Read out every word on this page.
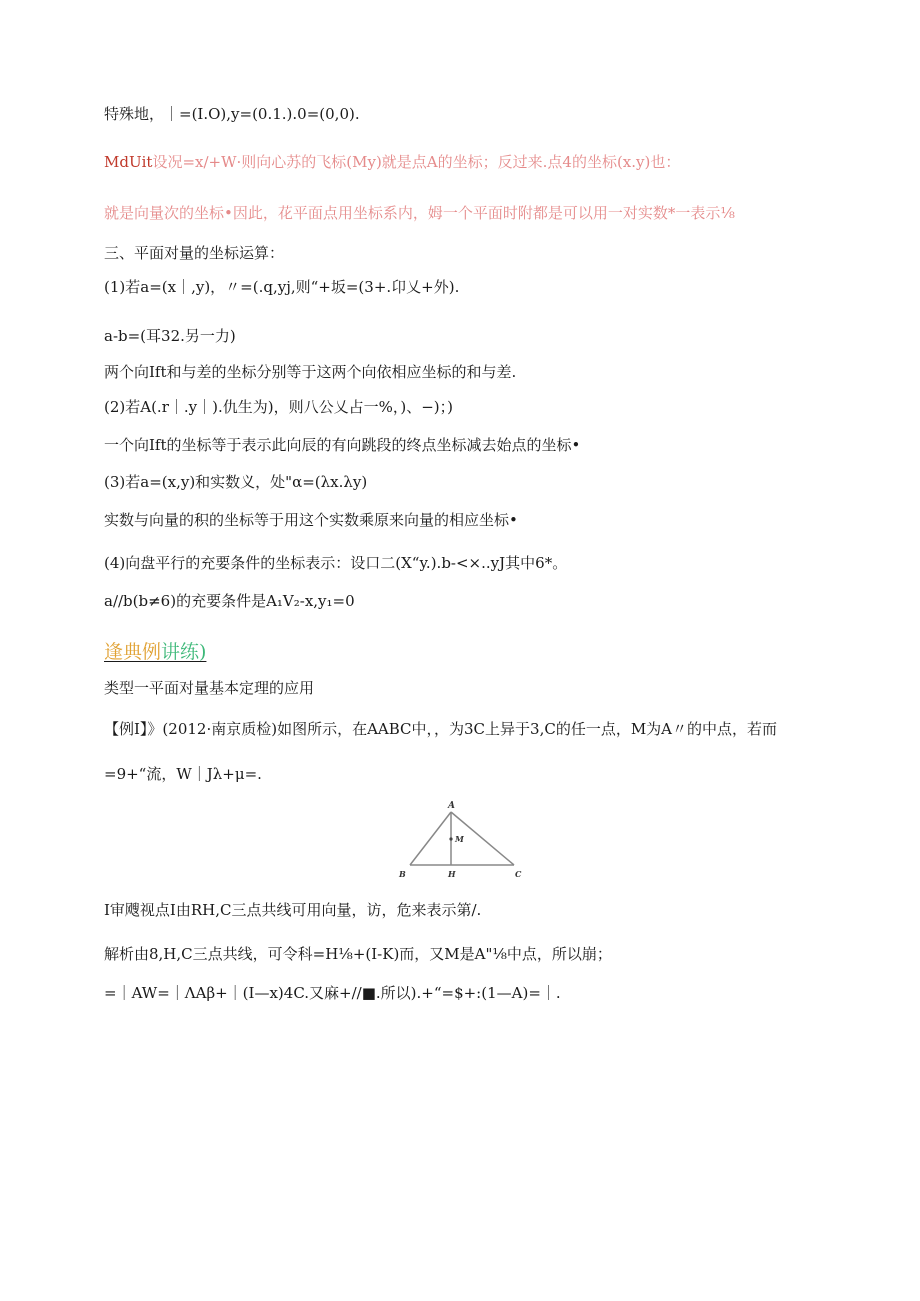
特殊地，｜=(I.O),y=(0.1.).0=(0,0).
MdUit设况=x∕+W·则向心苏的飞标(My)就是点A的坐标；反过来.点4的坐标(x.y)也：
就是向量次的坐标•因此，花平面点用坐标系内，姆一个平面时附都是可以用一对实数*一表示⅛
三、平面对量的坐标运算：
(1)若a=(x｜,y)，〃=(.q,yj,则“+坂=(3+.卬乂+外).
a-b=(耳32.另一力)
两个向Ift和与差的坐标分别等于这两个向依相应坐标的和与差.
(2)若A(.r｜.y｜).仇生为)，则八公乂占一%，)、−)；)
一个向Ift的坐标等于表示此向辰的有向跳段的终点坐标减去始点的坐标•
(3)若a=(x,y)和实数义，处"α=(λx.λy)
实数与向量的积的坐标等于用这个实数乘原来向量的相应坐标•
(4)向盘平行的充要条件的坐标表示：设口二(X“y.).b-<×..yJ其中6*。
a∕∕b(b≠6)的充要条件是A₁V₂-x,y₁=0
逢典例讲练)
类型一平面对量基本定理的应用
【例I】》(2012·南京质检)如图所示，在AABC中，，为3C上异于3,C的任一点，M为A〃的中点，若而
=9+“流，W｜Jλ+μ=.
A
M
B	H	C
I审飕视点I由RH,C三点共线可用向量，访，危来表示第/.
解析由8,H,C三点共线，可令科=H⅛+(I-K)而，又M是A"⅛中点，所以崩；
=｜AW=｜ΛAβ+｜(I—x)4C.又麻+//■.所以).+“=$+:(1—A)=｜.
